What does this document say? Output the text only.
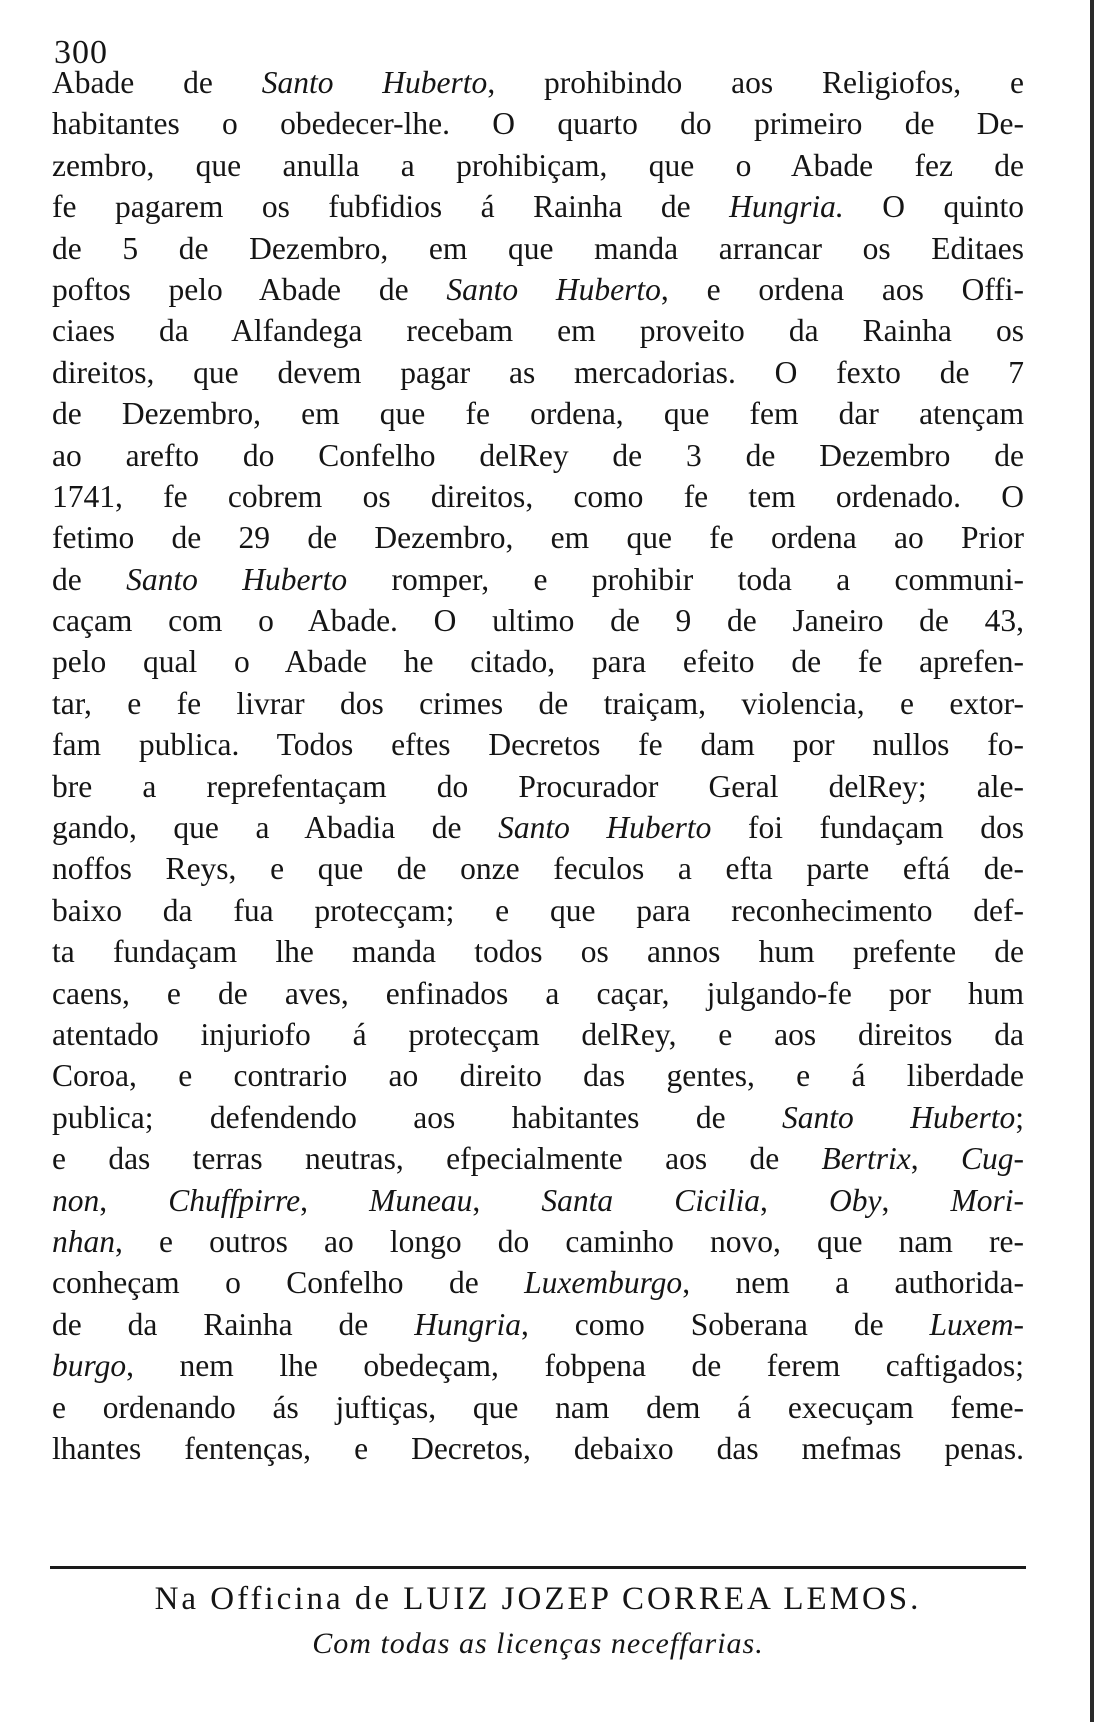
300
Abade de Santo Huberto, prohibindo aos Religiofos, e
habitantes o obedecer-lhe. O quarto do primeiro de De-
zembro, que anulla a prohibiçam, que o Abade fez de
fe pagarem os fubfidios á Rainha de Hungria. O quinto
de 5 de Dezembro, em que manda arrancar os Editaes
poftos pelo Abade de Santo Huberto, e ordena aos Offi-
ciaes da Alfandega recebam em proveito da Rainha os
direitos, que devem pagar as mercadorias. O fexto de 7
de Dezembro, em que fe ordena, que fem dar atençam
ao arefto do Confelho delRey de 3 de Dezembro de
1741, fe cobrem os direitos, como fe tem ordenado. O
fetimo de 29 de Dezembro, em que fe ordena ao Prior
de Santo Huberto romper, e prohibir toda a communi-
caçam com o Abade. O ultimo de 9 de Janeiro de 43,
pelo qual o Abade he citado, para efeito de fe aprefen-
tar, e fe livrar dos crimes de traiçam, violencia, e extor-
fam publica. Todos eftes Decretos fe dam por nullos fo-
bre a reprefentaçam do Procurador Geral delRey; ale-
gando, que a Abadia de Santo Huberto foi fundaçam dos
noffos Reys, e que de onze feculos a efta parte eftá de-
baixo da fua protecçam; e que para reconhecimento def-
ta fundaçam lhe manda todos os annos hum prefente de
caens, e de aves, enfinados a caçar, julgando-fe por hum
atentado injuriofo á protecçam delRey, e aos direitos da
Coroa, e contrario ao direito das gentes, e á liberdade
publica; defendendo aos habitantes de Santo Huberto;
e das terras neutras, efpecialmente aos de Bertrix, Cug-
non, Chuffpirre, Muneau, Santa Cicilia, Oby, Mori-
nhan, e outros ao longo do caminho novo, que nam re-
conheçam o Confelho de Luxemburgo, nem a authorida-
de da Rainha de Hungria, como Soberana de Luxem-
burgo, nem lhe obedeçam, fobpena de ferem caftigados;
e ordenando ás juftiças, que nam dem á execuçam feme-
lhantes fentenças, e Decretos, debaixo das mefmas penas.
Na Officina de LUIZ JOZEP CORREA LEMOS.
Com todas as licenças neceffarias.
